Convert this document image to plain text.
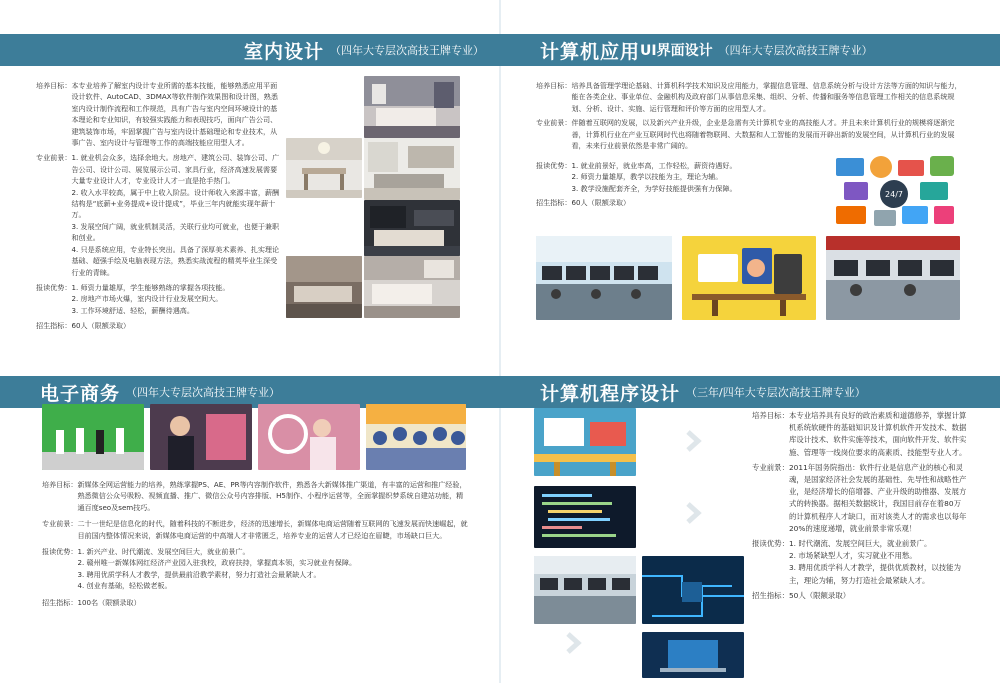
室内设计 （四年大专层次高技王牌专业）
培养目标： 本专业培养了解室内设计专业所需的基本技能，能够熟悉应用平面设计软件、AutoCAD、3DMAX等软件制作效果图和设计图，熟悉室内设计制作流程和工作规范，具有广告与室内空间环境设计的基本理论和专业知识，有较强实践能力和表现技巧，面向广告公司、建筑装饰市场，牢固掌握广告与室内设计基础理论和专业技术，从事广告、室内设计与管理等工作的高端技能应用型人才。
专业前景： 1. 就业机会众多，选择余地大。房地产、建筑公司、装饰公司、广告公司、设计公司、展览展示公司、家具行业，经济高速发展需要大量专业设计人才，专业设计人才一直是抢手热门。
2. 收入水平较高，属于中上收入阶层。设计师收入来源丰富，薪酬结构是“底薪+业务提成+设计提成”，毕业三年内就能实现年薪十万。
3. 发展空间广阔，就业机制灵活，关联行业均可就业，也便于兼职和创业。
4. 只是系统应用，专业特长突出。具备了深厚美术素养、扎实理论基础、超强手绘及电脑表现方法，熟悉实战流程的精英毕业生深受行业的青睐。
报读优势： 1. 师资力量雄厚，学生能够熟练的掌握各项技能。
2. 房地产市场火爆，室内设计行业发展空间大。
3. 工作环境舒适、轻松，薪酬待遇高。
招生指标： 60人（限额录取）
计算机应用 UI界面设计 （四年大专层次高技王牌专业）
培养目标： 培养具备管理学理论基础、计算机科学技术知识及应用能力，掌握信息管理、信息系统分析与设计方法等方面的知识与能力，能在各类企业、事业单位、金融机构及政府部门从事信息采集、组织、分析、传播和服务等信息管理工作相关的信息系统规划、分析、设计、实施、运行管理和评价等方面的应用型人才。
专业前景： 伴随着互联网的发展，以及新兴产业升级，企业是急需有关计算机专业的高技能人才。并且未来计算机行业的规模将逐渐完善，计算机行业在产业互联网时代也将随着物联网、大数据和人工智能的发展而开辟出新的发展空间，从计算机行业的发展看，未来行业前景依然是非常广阔的。
报读优势： 1. 就业前景好，就业率高，工作轻松，薪资待遇好。
2. 师资力量雄厚，教学以技能为主，理论为辅。
3. 教学设施配套齐全，为学好技能提供强有力保障。
招生指标： 60人（限额录取）
24/7
电子商务 （四年大专层次高技王牌专业）
培养目标： 新媒体全网运营能力的培养，熟练掌握PS、AE、PR等内容制作软件，熟悉各大新媒体推广渠道，有丰富的运营和推广经验，熟悉微信公众号吸粉、视频直播、推广、微信公众号内容排版、H5制作、小程序运营等，全面掌握织梦系统自建站功能，精通百度seo及sem技巧。
专业前景： 二十一世纪是信息化的时代，随着科技的不断进步，经济的迅速增长，新媒体电商运营随着互联网的飞速发展而快速崛起，就目前国内整体情况来说，新媒体电商运营的中高端人才非常匮乏，培养专业的运营人才已经迫在眉睫，市场缺口巨大。
报读优势： 1. 新兴产业、时代潮流、发展空间巨大，就业前景广。
2. 赣州唯一新媒体网红经济产业园入驻我校，政府扶持，掌握真本领，实习就业有保障。
3. 聘用优质学科人才教学，提供最前沿教学素材，努力打造社会最紧缺人才。
4. 创业有基础，轻松做老板。
招生指标： 100名（限额录取）
计算机程序设计 （三年/四年大专层次高技王牌专业）
培养目标： 本专业培养具有良好的政治素质和道德修养，掌握计算机系统软硬件的基础知识及计算机软件开发技术、数据库设计技术、软件实施等技术，面向软件开发、软件实施、管理等一线岗位要求的高素质、技能型专业人才。
专业前景： 2011年国务院指出：软件行业是信息产业的核心和灵魂，是国家经济社会发展的基础性、先导性和战略性产业，是经济增长的倍增器、产业升级的助推器、发展方式的转换器。据相关数据统计，我国目前存在着80万的计算机程序人才缺口，而对该类人才的需求也以每年20%的速度递增，就业前景非常乐观！
报读优势： 1. 时代潮流、发展空间巨大，就业前景广。
2. 市场紧缺型人才，实习就业不用愁。
3. 聘用优质学科人才教学，提供优质教材，以技能为主，理论为辅，努力打造社会最紧缺人才。
招生指标： 50人（限额录取）
